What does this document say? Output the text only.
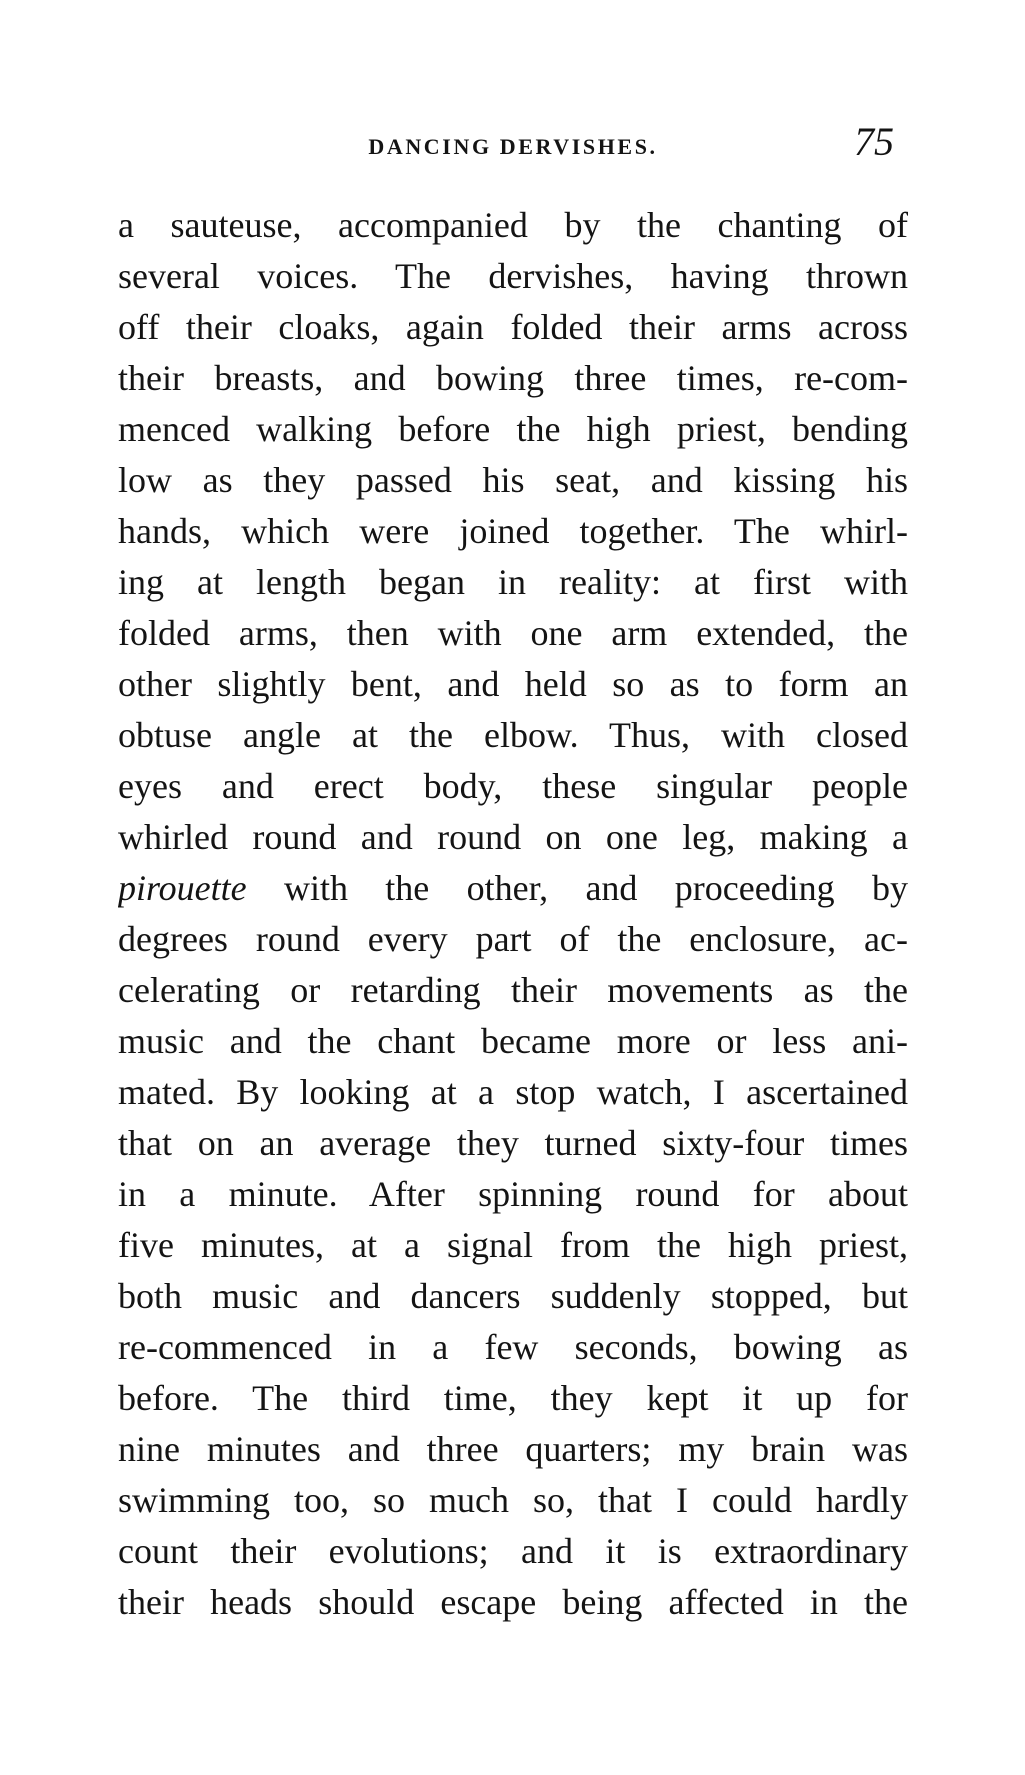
DANCING DERVISHES.	75
a sauteuse, accompanied by the chanting of
several voices. The dervishes, having thrown
off their cloaks, again folded their arms across
their breasts, and bowing three times, re-com-
menced walking before the high priest, bending
low as they passed his seat, and kissing his
hands, which were joined together. The whirl-
ing at length began in reality: at first with
folded arms, then with one arm extended, the
other slightly bent, and held so as to form an
obtuse angle at the elbow. Thus, with closed
eyes and erect body, these singular people
whirled round and round on one leg, making a
pirouette with the other, and proceeding by
degrees round every part of the enclosure, ac-
celerating or retarding their movements as the
music and the chant became more or less ani-
mated. By looking at a stop watch, I ascertained
that on an average they turned sixty-four times
in a minute. After spinning round for about
five minutes, at a signal from the high priest,
both music and dancers suddenly stopped, but
re-commenced in a few seconds, bowing as
before. The third time, they kept it up for
nine minutes and three quarters; my brain was
swimming too, so much so, that I could hardly
count their evolutions; and it is extraordinary
their heads should escape being affected in the
